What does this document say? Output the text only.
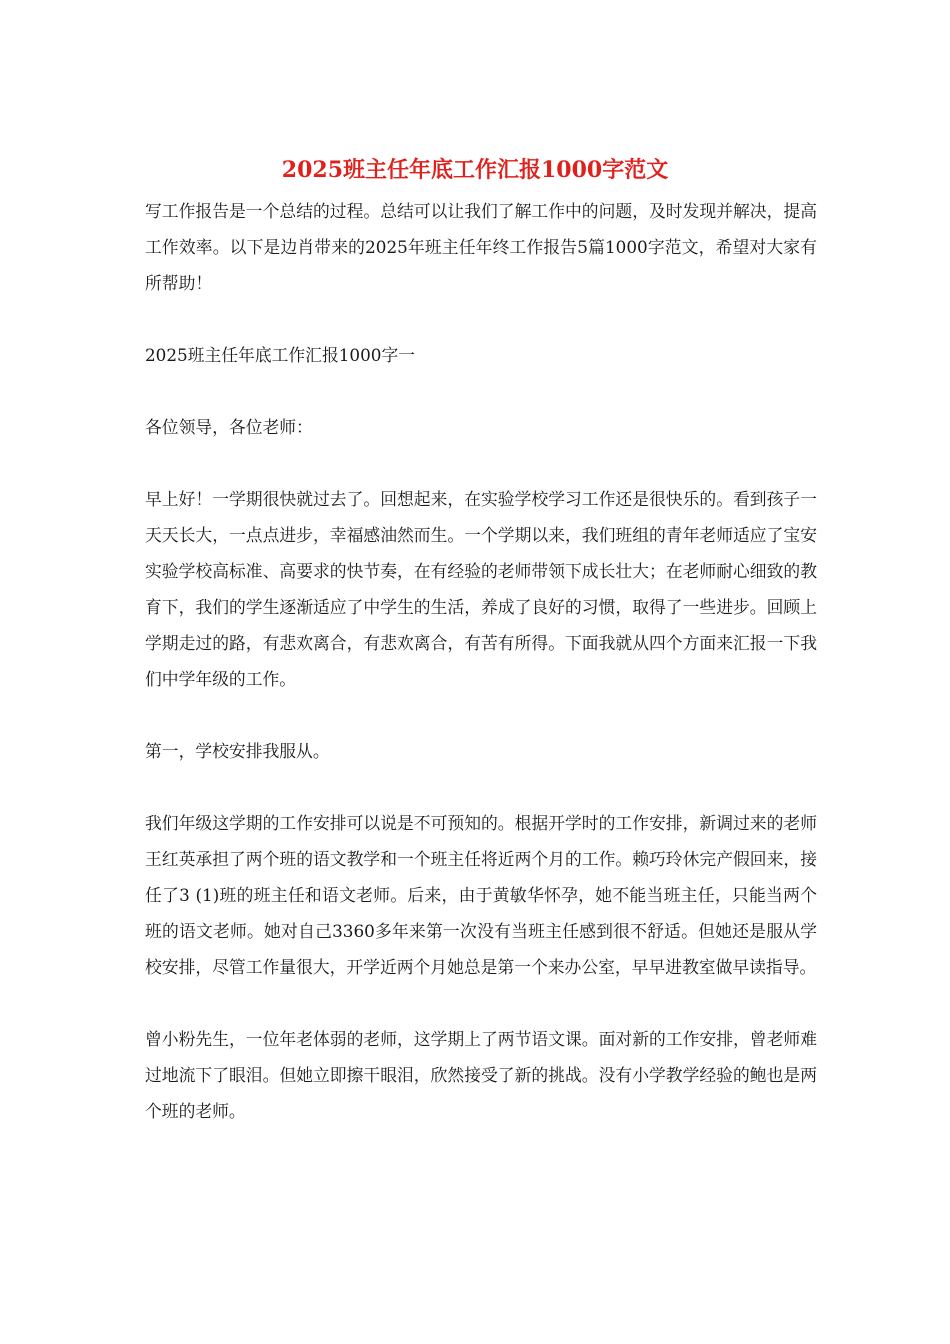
2025班主任年底工作汇报1000字范文

写工作报告是一个总结的过程。总结可以让我们了解工作中的问题，及时发现并解决，提高工作效率。以下是边肖带来的2025年班主任年终工作报告5篇1000字范文，希望对大家有所帮助！

2025班主任年底工作汇报1000字一

各位领导，各位老师：

早上好！一学期很快就过去了。回想起来，在实验学校学习工作还是很快乐的。看到孩子一天天长大，一点点进步，幸福感油然而生。一个学期以来，我们班组的青年老师适应了宝安实验学校高标准、高要求的快节奏，在有经验的老师带领下成长壮大；在老师耐心细致的教育下，我们的学生逐渐适应了中学生的生活，养成了良好的习惯，取得了一些进步。回顾上学期走过的路，有悲欢离合，有悲欢离合，有苦有所得。下面我就从四个方面来汇报一下我们中学年级的工作。

第一，学校安排我服从。

我们年级这学期的工作安排可以说是不可预知的。根据开学时的工作安排，新调过来的老师王红英承担了两个班的语文教学和一个班主任将近两个月的工作。赖巧玲休完产假回来，接任了3 (1)班的班主任和语文老师。后来，由于黄敏华怀孕，她不能当班主任，只能当两个班的语文老师。她对自己3360多年来第一次没有当班主任感到很不舒适。但她还是服从学校安排，尽管工作量很大，开学近两个月她总是第一个来办公室，早早进教室做早读指导。

曾小粉先生，一位年老体弱的老师，这学期上了两节语文课。面对新的工作安排，曾老师难过地流下了眼泪。但她立即擦干眼泪，欣然接受了新的挑战。没有小学教学经验的鲍也是两个班的老师。
